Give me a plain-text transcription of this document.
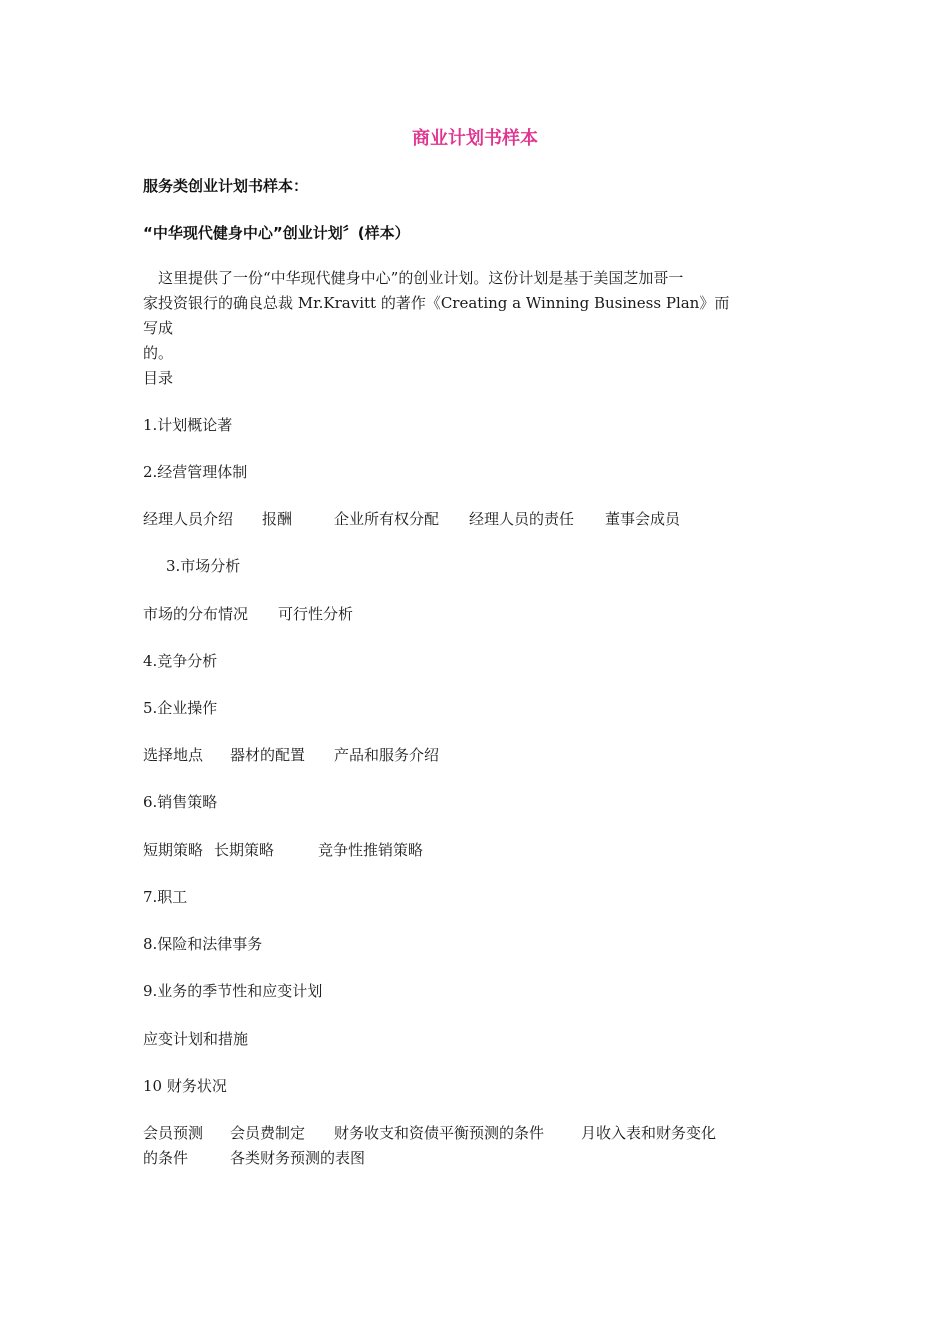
商业计划书样本
服务类创业计划书样本：
“中华现代健身中心”创业计划〞(样本）
这里提供了一份“中华现代健身中心”的创业计划。这份计划是基于美国芝加哥一
家投资银行的确良总裁 Mr.Kravitt 的著作《Creating a Winning Business Plan》而写成
的。
目录
1.计划概论著
2.经营管理体制
经理人员介绍 报酬	企业所有权分配 经理人员的责任 董事会成员
3.市场分析
市场的分布情况 可行性分析
4.竞争分析
5.企业操作
选择地点 器材的配置 产品和服务介绍
6.销售策略
短期策略 长期策略	竞争性推销策略
7.职工
8.保险和法律事务
9.业务的季节性和应变计划
应变计划和措施
10 财务状况
会员预测 会员费制定 财务收支和资债平衡预测的条件 月收入表和财务变化
的条件	各类财务预测的表图
